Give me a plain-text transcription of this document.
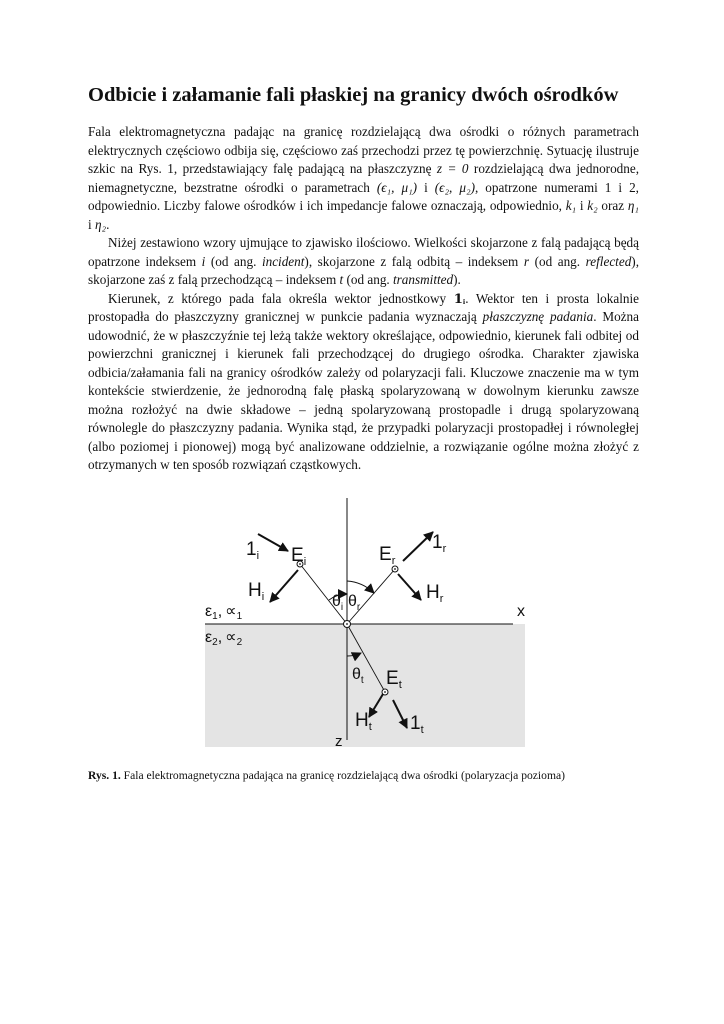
Odbicie i załamanie fali płaskiej na granicy dwóch ośrodków

Fala elektromagnetyczna padając na granicę rozdzielającą dwa ośrodki o różnych parametrach elektrycznych częściowo odbija się, częściowo zaś przechodzi przez tę powierzchnię. Sytuację ilustruje szkic na Rys. 1, przedstawiający falę padającą na płaszczyznę z = 0 rozdzielającą dwa jednorodne, niemagnetyczne, bezstratne ośrodki o parametrach (ϵ₁, μ₁) i (ϵ₂, μ₂), opatrzone numerami 1 i 2, odpowiednio. Liczby falowe ośrodków i ich impedancje falowe oznaczają, odpowiednio, k₁ i k₂ oraz η₁ i η₂.

Niżej zestawiono wzory ujmujące to zjawisko ilościowo. Wielkości skojarzone z falą padającą będą opatrzone indeksem i (od ang. incident), skojarzone z falą odbitą – indeksem r (od ang. reflected), skojarzone zaś z falą przechodzącą – indeksem t (od ang. transmitted).

Kierunek, z którego pada fala określa wektor jednostkowy 𝟏ᵢ. Wektor ten i prosta lokalnie prostopadła do płaszczyzny granicznej w punkcie padania wyznaczają płaszczyznę padania. Można udowodnić, że w płaszczyźnie tej leżą także wektory określające, odpowiednio, kierunek fali odbitej od powierzchni granicznej i kierunek fali przechodzącej do drugiego ośrodka. Charakter zjawiska odbicia/załamania fali na granicy ośrodków zależy od polaryzacji fali. Kluczowe znaczenie ma w tym kontekście stwierdzenie, że jednorodną falę płaską spolaryzowaną w dowolnym kierunku zawsze można rozłożyć na dwie składowe – jedną spolaryzowaną prostopadle i drugą spolaryzowaną równolegle do płaszczyzny padania. Wynika stąd, że przypadki polaryzacji prostopadłej i równoległej (albo poziomej i pionowej) mogą być analizowane oddzielnie, a rozwiązanie ogólne można złożyć z otrzymanych w ten sposób rozwiązań cząstkowych.

$1_i$ $E_i$
$H_i$
$E_r$
$1_r$
$H_r$
$\theta_i$ $\theta_r$
$\theta_t$ $E_t$
$H_t$ $1_t$
ε1, ∝1
ε2, ∝2
x
z
Rys. 1. Fala elektromagnetyczna padająca na granicę rozdzielającą dwa ośrodki (polaryzacja pozioma)
